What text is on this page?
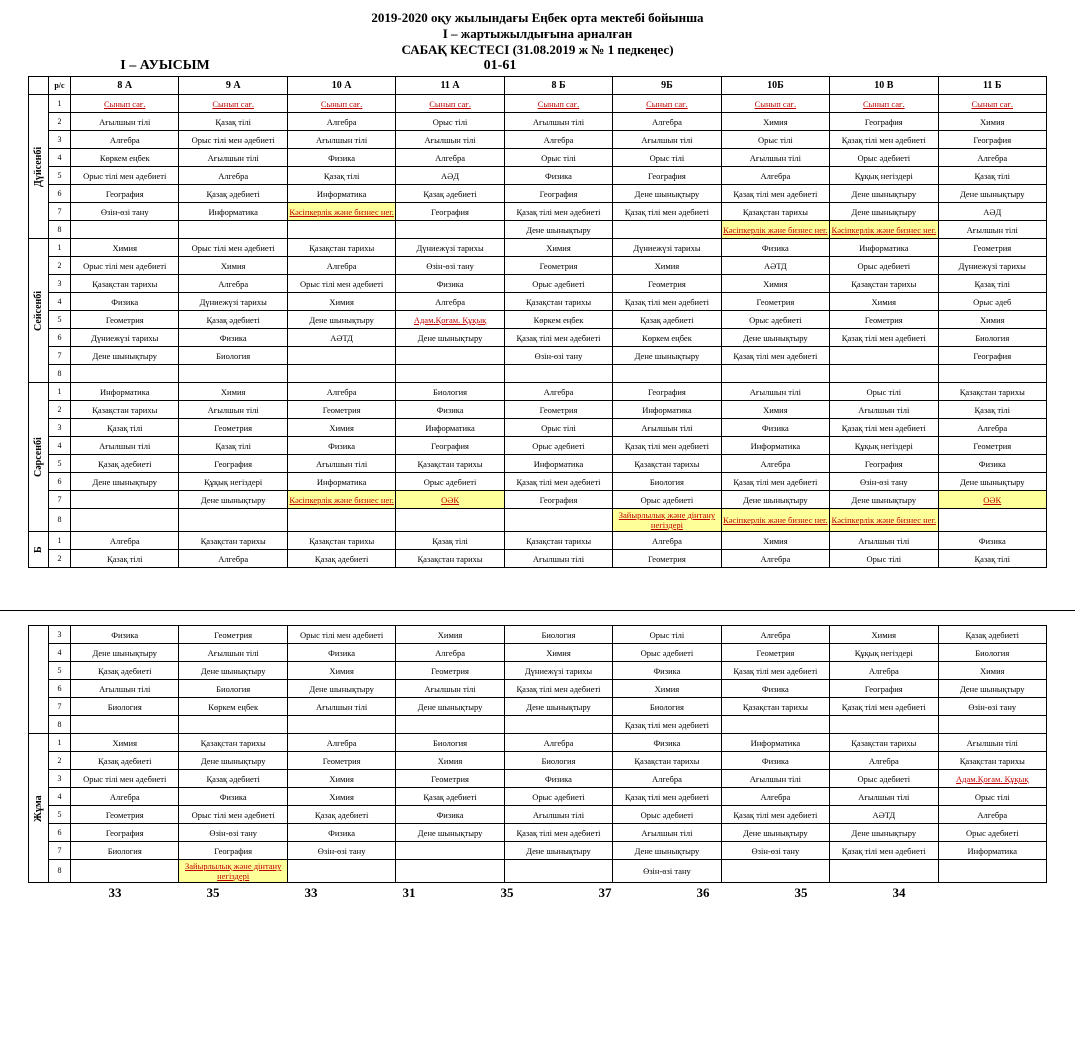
2019-2020 оқу жылындағы Еңбек орта мектебі бойынша
I – жартыжылдығына арналған
САБАҚ КЕСТЕСІ (31.08.2019 ж № 1 педкеңес)
I – АУЫСЫМ	01-61
	р/с	8 А	9 А	10 А	11 А	8 Б	9Б	10Б	10 В	11 Б
Дүйсенбі	1	Сынып сағ.	Сынып сағ.	Сынып сағ.	Сынып сағ.	Сынып сағ.	Сынып сағ.	Сынып сағ.	Сынып сағ.	Сынып сағ.
	2	Ағылшын тілі	Қазақ тілі	Алгебра	Орыс тілі	Ағылшын тілі	Алгебра	Химия	География	Химия
	3	Алгебра	Орыс тілі мен әдебиеті	Ағылшын тілі	Ағылшын тілі	Алгебра	Ағылшын тілі	Орыс тілі	Қазақ тілі мен әдебиеті	География
	4	Көркем еңбек	Ағылшын тілі	Физика	Алгебра	Орыс тілі	Орыс тілі	Ағылшын тілі	Орыс әдебиеті	Алгебра
	5	Орыс тілі мен әдебиеті	Алгебра	Қазақ тілі	АӘД	Физика	География	Алгебра	Құқық негіздері	Қазақ тілі
	6	География	Қазақ әдебиеті	Информатика	Қазақ әдебиеті	География	Дене шынықтыру	Қазақ тілі мен әдебиеті	Дене шынықтыру	Дене шынықтыру
	7	Өзін-өзі тану	Информатика	Кәсіпкерлік және бизнес нег.	География	Қазақ тілі мен әдебиеті	Қазақ тілі мен әдебиеті	Қазақстан тарихы	Дене шынықтыру	АӘД
	8					Дене шынықтыру		Кәсіпкерлік және бизнес нег.	Кәсіпкерлік және бизнес нег.	Ағылшын тілі
Сейсенбі	1	Химия	Орыс тілі мен әдебиеті	Қазақстан тарихы	Дүниежүзі тарихы	Химия	Дүниежүзі тарихы	Физика	Информатика	Геометрия
	2	Орыс тілі мен әдебиеті	Химия	Алгебра	Өзін-өзі тану	Геометрия	Химия	АӘТД	Орыс әдебиеті	Дүниежүзі тарихы
	3	Қазақстан тарихы	Алгебра	Орыс тілі мен әдебиеті	Физика	Орыс әдебиеті	Геометрия	Химия	Қазақстан тарихы	Қазақ тілі
	4	Физика	Дүниежүзі тарихы	Химия	Алгебра	Қазақстан тарихы	Қазақ тілі мен әдебиеті	Геометрия	Химия	Орыс әдеб
	5	Геометрия	Қазақ әдебиеті	Дене шынықтыру	Адам.Қоғам. Құқық	Көркем еңбек	Қазақ әдебиеті	Орыс әдебиеті	Геометрия	Химия
	6	Дүниежүзі тарихы	Физика	АӘТД	Дене шынықтыру	Қазақ тілі мен әдебиеті	Көркем еңбек	Дене шынықтыру	Қазақ тілі мен әдебиеті	Биология
	7	Дене шынықтыру	Биология			Өзін-өзі тану	Дене шынықтыру	Қазақ тілі мен әдебиеті		География
	8									
Сәрсенбі	1	Информатика	Химия	Алгебра	Биология	Алгебра	География	Ағылшын тілі	Орыс тілі	Қазақстан тарихы
	2	Қазақстан тарихы	Ағылшын тілі	Геометрия	Физика	Геометрия	Информатика	Химия	Ағылшын тілі	Қазақ тілі
	3	Қазақ тілі	Геометрия	Химия	Информатика	Орыс тілі	Ағылшын тілі	Физика	Қазақ тілі мен әдебиеті	Алгебра
	4	Ағылшын тілі	Қазақ тілі	Физика	География	Орыс әдебиеті	Қазақ тілі мен әдебиеті	Информатика	Құқық негіздері	Геометрия
	5	Қазақ әдебиеті	География	Ағылшын тілі	Қазақстан тарихы	Информатика	Қазақстан тарихы	Алгебра	География	Физика
	6	Дене шынықтыру	Құқық негіздері	Информатика	Орыс әдебиеті	Қазақ тілі мен әдебиеті	Биология	Қазақ тілі мен әдебиеті	Өзін-өзі тану	Дене шынықтыру
	7		Дене шынықтыру	Кәсіпкерлік және бизнес нег.	ОӘК	География	Орыс әдебиеті	Дене шынықтыру	Дене шынықтыру	ОӘК
	8						Зайырлылық және дінтану негіздері	Кәсіпкерлік және бизнес нег.	Кәсіпкерлік және бизнес нег.	
Б	1	Алгебра	Қазақстан тарихы	Қазақстан тарихы	Қазақ тілі	Қазақстан тарихы	Алгебра	Химия	Ағылшын тілі	Физика
	2	Қазақ тілі	Алгебра	Қазақ әдебиеті	Қазақстан тарихы	Ағылшын тілі	Геометрия	Алгебра	Орыс тілі	Қазақ тілі
	3	Физика	Геометрия	Орыс тілі мен әдебиеті	Химия	Биология	Орыс тілі	Алгебра	Химия	Қазақ әдебиеті
	4	Дене шынықтыру	Ағылшын тілі	Физика	Алгебра	Химия	Орыс әдебиеті	Геометрия	Құқық негіздері	Биология
	5	Қазақ әдебиеті	Дене шынықтыру	Химия	Геометрия	Дүниежүзі тарихы	Физика	Қазақ тілі мен әдебиеті	Алгебра	Химия
	6	Ағылшын тілі	Биология	Дене шынықтыру	Ағылшын тілі	Қазақ тілі мен әдебиеті	Химия	Физика	География	Дене шынықтыру
	7	Биология	Көркем еңбек	Ағылшын тілі	Дене шынықтыру	Дене шынықтыру	Биология	Қазақстан тарихы	Қазақ тілі мен әдебиеті	Өзін-өзі тану
	8						Қазақ тілі мен әдебиеті			
Жұма	1	Химия	Қазақстан тарихы	Алгебра	Биология	Алгебра	Физика	Информатика	Қазақстан тарихы	Ағылшын тілі
	2	Қазақ әдебиеті	Дене шынықтыру	Геометрия	Химия	Биология	Қазақстан тарихы	Физика	Алгебра	Қазақстан тарихы
	3	Орыс тілі мен әдебиеті	Қазақ әдебиеті	Химия	Геометрия	Физика	Алгебра	Ағылшын тілі	Орыс әдебиеті	Адам.Қоғам. Құқық
	4	Алгебра	Физика	Химия	Қазақ әдебиеті	Орыс әдебиеті	Қазақ тілі мен әдебиеті	Алгебра	Ағылшын тілі	Орыс тілі
	5	Геометрия	Орыс тілі мен әдебиеті	Қазақ әдебиеті	Физика	Ағылшын тілі	Орыс әдебиеті	Қазақ тілі мен әдебиеті	АӘТД	Алгебра
	6	География	Өзін-өзі тану	Физика	Дене шынықтыру	Қазақ тілі мен әдебиеті	Ағылшын тілі	Дене шынықтыру	Дене шынықтыру	Орыс әдебиеті
	7	Биология	География	Өзін-өзі тану		Дене шынықтыру	Дене шынықтыру	Өзін-өзі тану	Қазақ тілі мен әдебиеті	Информатика
	8		Зайырлылық және дінтану негіздері				Өзін-өзі тану			
33	35	33	31	35	37	36	35	34
